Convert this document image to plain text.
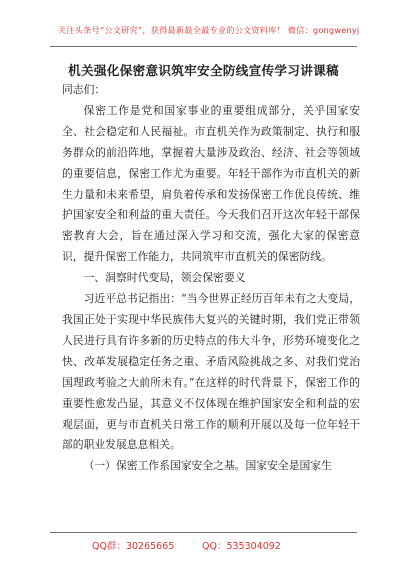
关注头条号“公文研究”，获得最新最全最专业的公文资料库！ 微信：gongwenyj
机关强化保密意识筑牢安全防线宣传学习讲课稿

同志们：

保密工作是党和国家事业的重要组成部分，关乎国家安全、社会稳定和人民福祉。市直机关作为政策制定、执行和服务群众的前沿阵地，掌握着大量涉及政治、经济、社会等领域的重要信息，保密工作尤为重要。年轻干部作为市直机关的新生力量和未来希望，肩负着传承和发扬保密工作优良传统、维护国家安全和利益的重大责任。今天我们召开这次年轻干部保密教育大会，旨在通过深入学习和交流，强化大家的保密意识，提升保密工作能力，共同筑牢市直机关的保密防线。

一、洞察时代变局，领会保密要义

习近平总书记指出：“当今世界正经历百年未有之大变局，我国正处于实现中华民族伟大复兴的关键时期，我们党正带领人民进行具有许多新的历史特点的伟大斗争，形势环境变化之快、改革发展稳定任务之重、矛盾风险挑战之多、对我们党治国理政考验之大前所未有。”在这样的时代背景下，保密工作的重要性愈发凸显，其意义不仅体现在维护国家安全和利益的宏观层面，更与市直机关日常工作的顺利开展以及每一位年轻干部的职业发展息息相关。

（一）保密工作系国家安全之基。国家安全是国家生

QQ群：30265665	QQ：535304092
